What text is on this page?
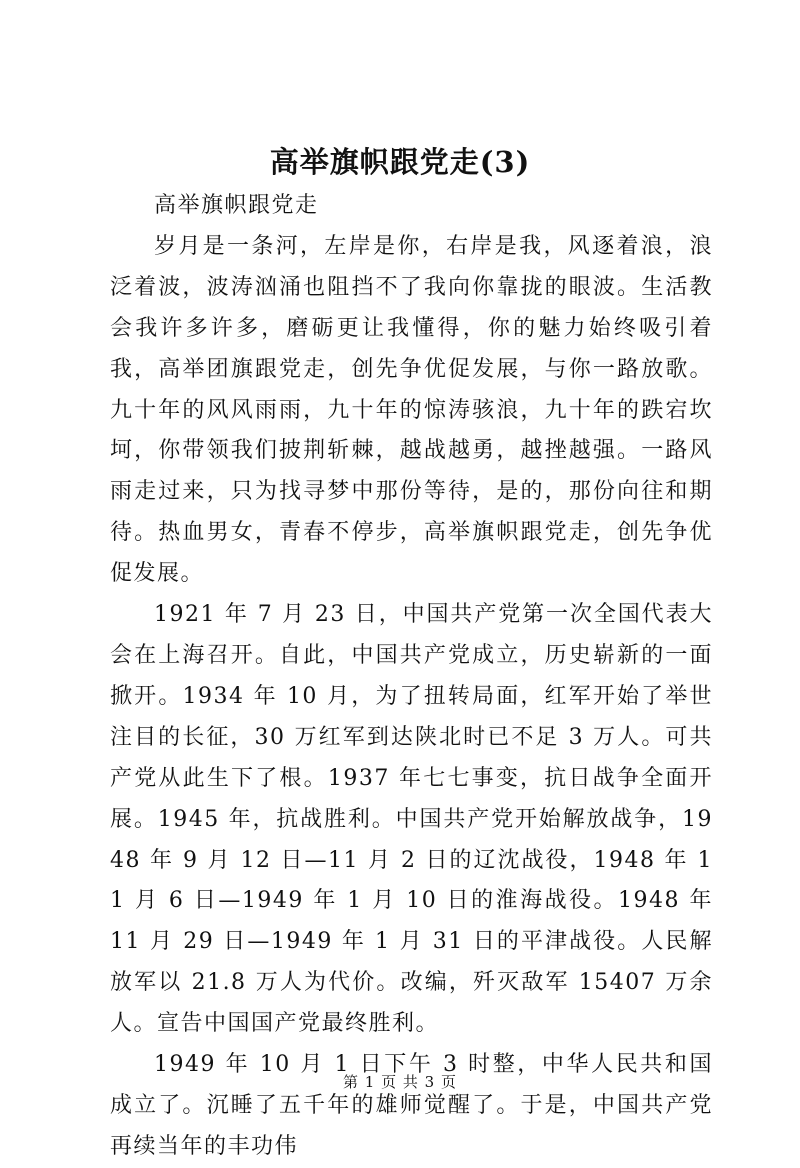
高举旗帜跟党走(3)

高举旗帜跟党走

岁月是一条河，左岸是你，右岸是我，风逐着浪，浪泛着波，波涛汹涌也阻挡不了我向你靠拢的眼波。生活教会我许多许多，磨砺更让我懂得，你的魅力始终吸引着我，高举团旗跟党走，创先争优促发展，与你一路放歌。九十年的风风雨雨，九十年的惊涛骇浪，九十年的跌宕坎坷，你带领我们披荆斩棘，越战越勇，越挫越强。一路风雨走过来，只为找寻梦中那份等待，是的，那份向往和期待。热血男女，青春不停步，高举旗帜跟党走，创先争优促发展。

1921 年 7 月 23 日，中国共产党第一次全国代表大会在上海召开。自此，中国共产党成立，历史崭新的一面掀开。1934 年 10 月，为了扭转局面，红军开始了举世注目的长征，30 万红军到达陕北时已不足 3 万人。可共产党从此生下了根。1937 年七七事变，抗日战争全面开展。1945 年，抗战胜利。中国共产党开始解放战争，1948 年 9 月 12 日—11 月 2 日的辽沈战役，1948 年 11 月 6 日—1949 年 1 月 10 日的淮海战役。1948 年 11 月 29 日—1949 年 1 月 31 日的平津战役。人民解放军以 21.8 万人为代价。改编，歼灭敌军 15407 万余人。宣告中国国产党最终胜利。

1949 年 10 月 1 日下午 3 时整，中华人民共和国成立了。沉睡了五千年的雄师觉醒了。于是，中国共产党再续当年的丰功伟

第 1 页 共 3 页
